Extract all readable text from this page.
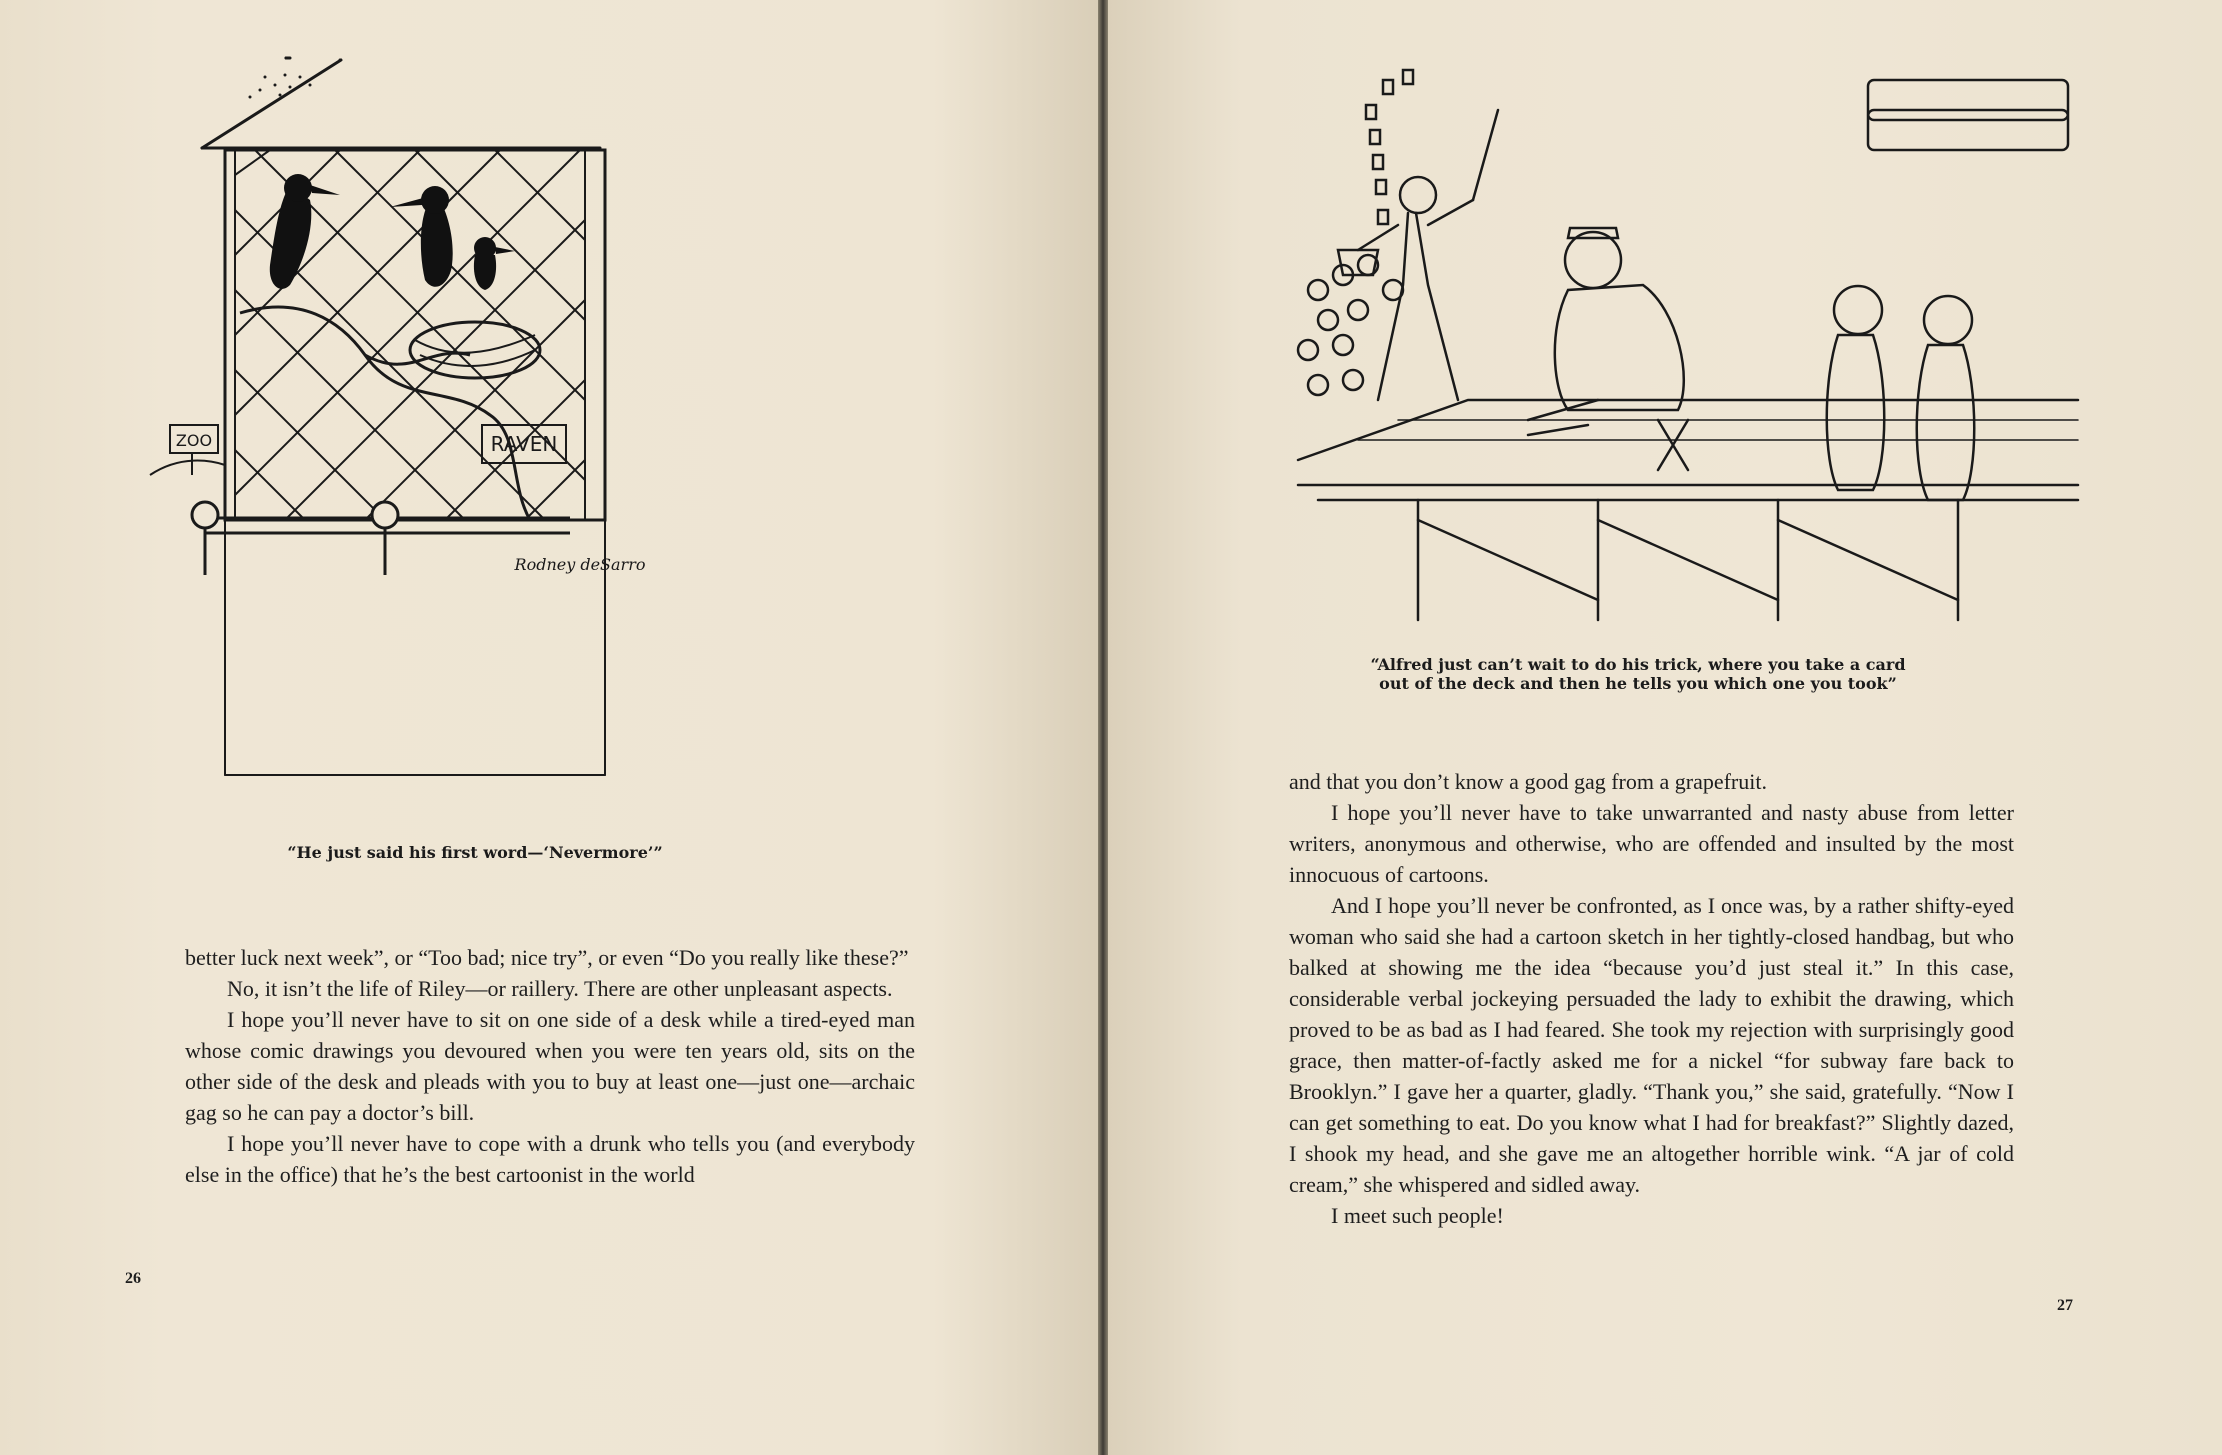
ZOO	RAVEN
Rodney deSarro
“He just said his first word—‘Nevermore’”

better luck next week”, or “Too bad; nice try”, or even “Do you really like these?”

No, it isn’t the life of Riley—or raillery. There are other unpleasant aspects.

I hope you’ll never have to sit on one side of a desk while a tired-eyed man whose comic drawings you devoured when you were ten years old, sits on the other side of the desk and pleads with you to buy at least one—just one—archaic gag so he can pay a doctor’s bill.

I hope you’ll never have to cope with a drunk who tells you (and everybody else in the office) that he’s the best cartoonist in the world

26
“Alfred just can’t wait to do his trick, where you take a card
out of the deck and then he tells you which one you took”

and that you don’t know a good gag from a grapefruit.

I hope you’ll never have to take unwarranted and nasty abuse from letter writers, anonymous and otherwise, who are offended and insulted by the most innocuous of cartoons.

And I hope you’ll never be confronted, as I once was, by a rather shifty-eyed woman who said she had a cartoon sketch in her tightly-closed handbag, but who balked at showing me the idea “because you’d just steal it.” In this case, considerable verbal jockeying persuaded the lady to exhibit the drawing, which proved to be as bad as I had feared. She took my rejection with surprisingly good grace, then matter-of-factly asked me for a nickel “for subway fare back to Brooklyn.” I gave her a quarter, gladly. “Thank you,” she said, gratefully. “Now I can get something to eat. Do you know what I had for breakfast?” Slightly dazed, I shook my head, and she gave me an altogether horrible wink. “A jar of cold cream,” she whispered and sidled away.

I meet such people!

27
